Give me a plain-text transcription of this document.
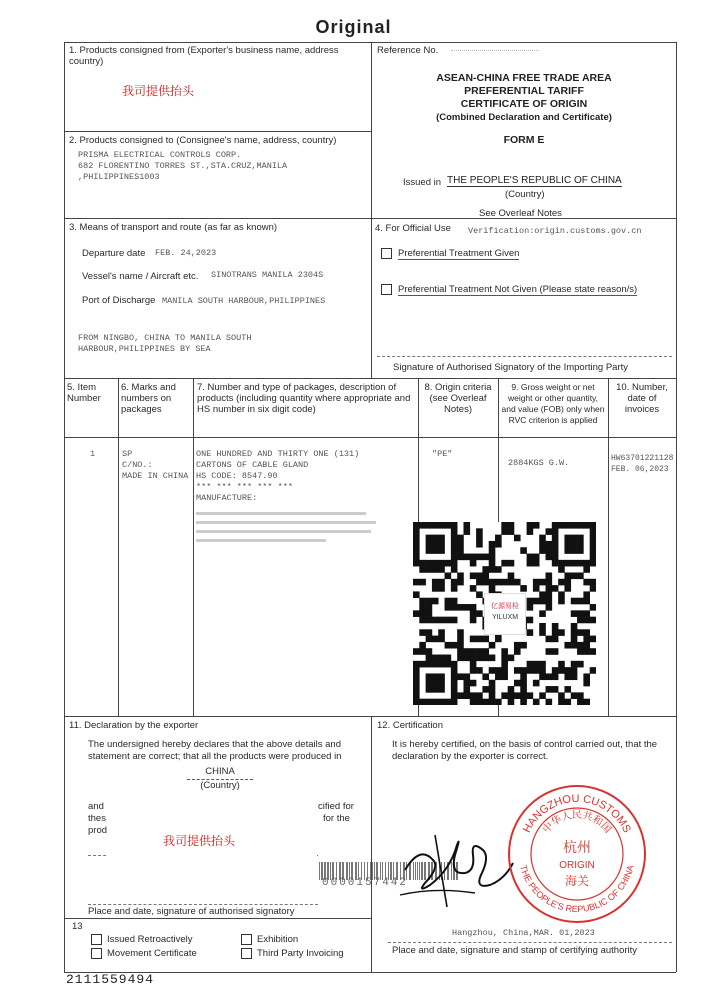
Original
1. Products consigned from (Exporter's business name, address country)
我司提供抬头
2. Products consigned to (Consignee's name, address, country)
PRISMA ELECTRICAL CONTROLS CORP.
682 FLORENTINO TORRES ST.,STA.CRUZ,MANILA
,PHILIPPINES1003
3. Means of transport and route (as far as known)
Departure date FEB. 24,2023
Vessel's name / Aircraft etc. SINOTRANS MANILA 2304S
Port of Discharge MANILA SOUTH HARBOUR,PHILIPPINES
FROM NINGBO, CHINA TO MANILA SOUTH
HARBOUR,PHILIPPINES BY SEA
Reference No.
ASEAN-CHINA FREE TRADE AREA
PREFERENTIAL TARIFF
CERTIFICATE OF ORIGIN
(Combined Declaration and Certificate)
FORM E
Issued in THE PEOPLE'S REPUBLIC OF CHINA
(Country)
See Overleaf Notes
4. For Official Use Verification:origin.customs.gov.cn
Preferential Treatment Given
Preferential Treatment Not Given (Please state reason/s)
Signature of Authorised Signatory of the Importing Party
5. Item Number
6. Marks and numbers on packages
7. Number and type of packages, description of products (including quantity where appropriate and HS number in six digit code)
8. Origin criteria (see Overleaf Notes)
9. Gross weight or net weight or other quantity, and value (FOB) only when RVC criterion is applied
10. Number, date of invoices
1	SP
C/NO.:
MADE IN CHINA
ONE HUNDRED AND THIRTY ONE (131)
CARTONS OF CABLE GLAND
HS CODE: 8547.90
*** *** *** *** ***
MANUFACTURE:
"PE"
2884KGS G.W.	HW63701221128
FEB. 06,2023
亿源易检
YILUXM
11. Declaration by the exporter
The undersigned hereby declares that the above details and
statement are correct; that all the products were produced in
CHINA
(Country)
and
thes
prod
cified for
for the
我司提供抬头
0000157442
Place and date, signature of authorised signatory
12. Certification
It is hereby certified, on the basis of control carried out, that the
declaration by the exporter is correct.
HANGZHOU CUSTOMS
THE PEOPLE'S REPUBLIC OF CHINA
中华人民共和国
杭州
ORIGIN
海关
Hangzhou, China,MAR. 01,2023
Place and date, signature and stamp of certifying authority
13
Issued Retroactively	Exhibition
Movement Certificate	Third Party Invoicing
2111559494
